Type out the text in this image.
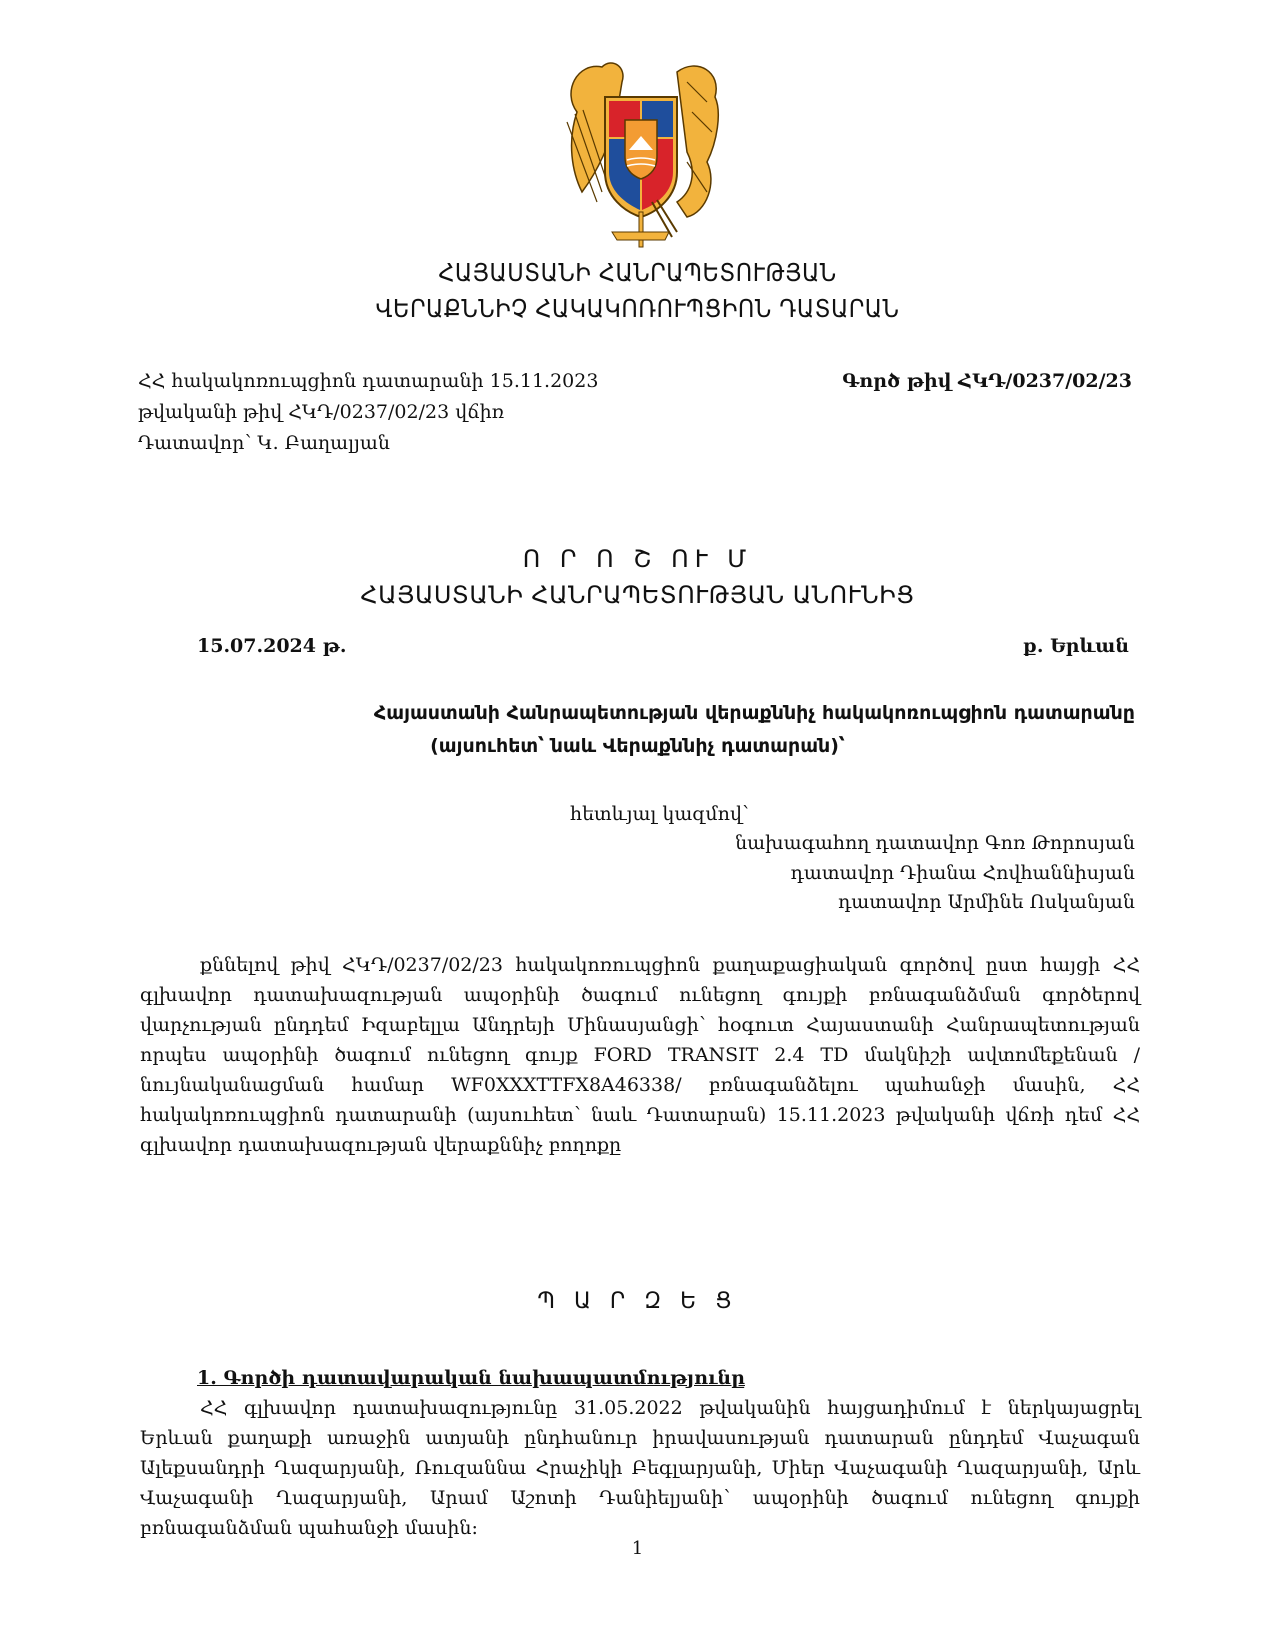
ՀԱՅԱՍՏԱՆԻ ՀԱՆՐԱՊԵՏՈՒԹՅԱՆ
ՎԵՐԱՔՆՆԻՉ ՀԱԿԱԿՈՌՈՒՊՑԻՈՆ ԴԱՏԱՐԱՆ
ՀՀ հակակոռուպցիոն դատարանի 15.11.2023
թվականի թիվ ՀԿԴ/0237/02/23 վճիռ
Դատավոր՝ Կ. Բաղալյան
Գործ թիվ ՀԿԴ/0237/02/23
Ո Ր Ո Շ ՈՒ Մ
ՀԱՅԱՍՏԱՆԻ ՀԱՆՐԱՊԵՏՈՒԹՅԱՆ ԱՆՈՒՆԻՑ
15.07.2024 թ.	ք. Երևան
Հայաստանի Հանրապետության վերաքննիչ հակակոռուպցիոն դատարանը
(այսուհետ՝ նաև Վերաքննիչ դատարան)՝
հետևյալ կազմով՝
նախագահող դատավոր Գոռ Թորոսյան
դատավոր Դիանա Հովհաննիսյան
դատավոր Արմինե Ոսկանյան

քննելով թիվ ՀԿԴ/0237/02/23 հակակոռուպցիոն քաղաքացիական գործով ըստ հայցի ՀՀ գլխավոր դատախազության ապօրինի ծագում ունեցող գույքի բռնագանձման գործերով վարչության ընդդեմ Իզաբելլա Անդրեյի Մինասյանցի՝ հօգուտ Հայաստանի Հանրապետության որպես ապօրինի ծագում ունեցող գույք FORD TRANSIT 2.4 TD մակնիշի ավտոմեքենան /նույնականացման համար WF0XXXTTFX8A46338/ բռնագանձելու պահանջի մասին, ՀՀ հակակոռուպցիոն դատարանի (այսուհետ՝ նաև Դատարան) 15.11.2023 թվականի վճռի դեմ ՀՀ գլխավոր դատախազության վերաքննիչ բողոքը

Պ Ա Ր Զ Ե Ց
1. Գործի դատավարական նախապատմությունը

ՀՀ գլխավոր դատախազությունը 31.05.2022 թվականին հայցադիմում է ներկայացրել Երևան քաղաքի առաջին ատյանի ընդհանուր իրավասության դատարան ընդդեմ Վաչագան Ալեքսանդրի Ղազարյանի, Ռուզաննա Հրաչիկի Բեգլարյանի, Միեր Վաչագանի Ղազարյանի, Արև Վաչագանի Ղազարյանի, Արամ Աշոտի Դանիելյանի՝ ապօրինի ծագում ունեցող գույքի բռնագանձման պահանջի մասին:

1
